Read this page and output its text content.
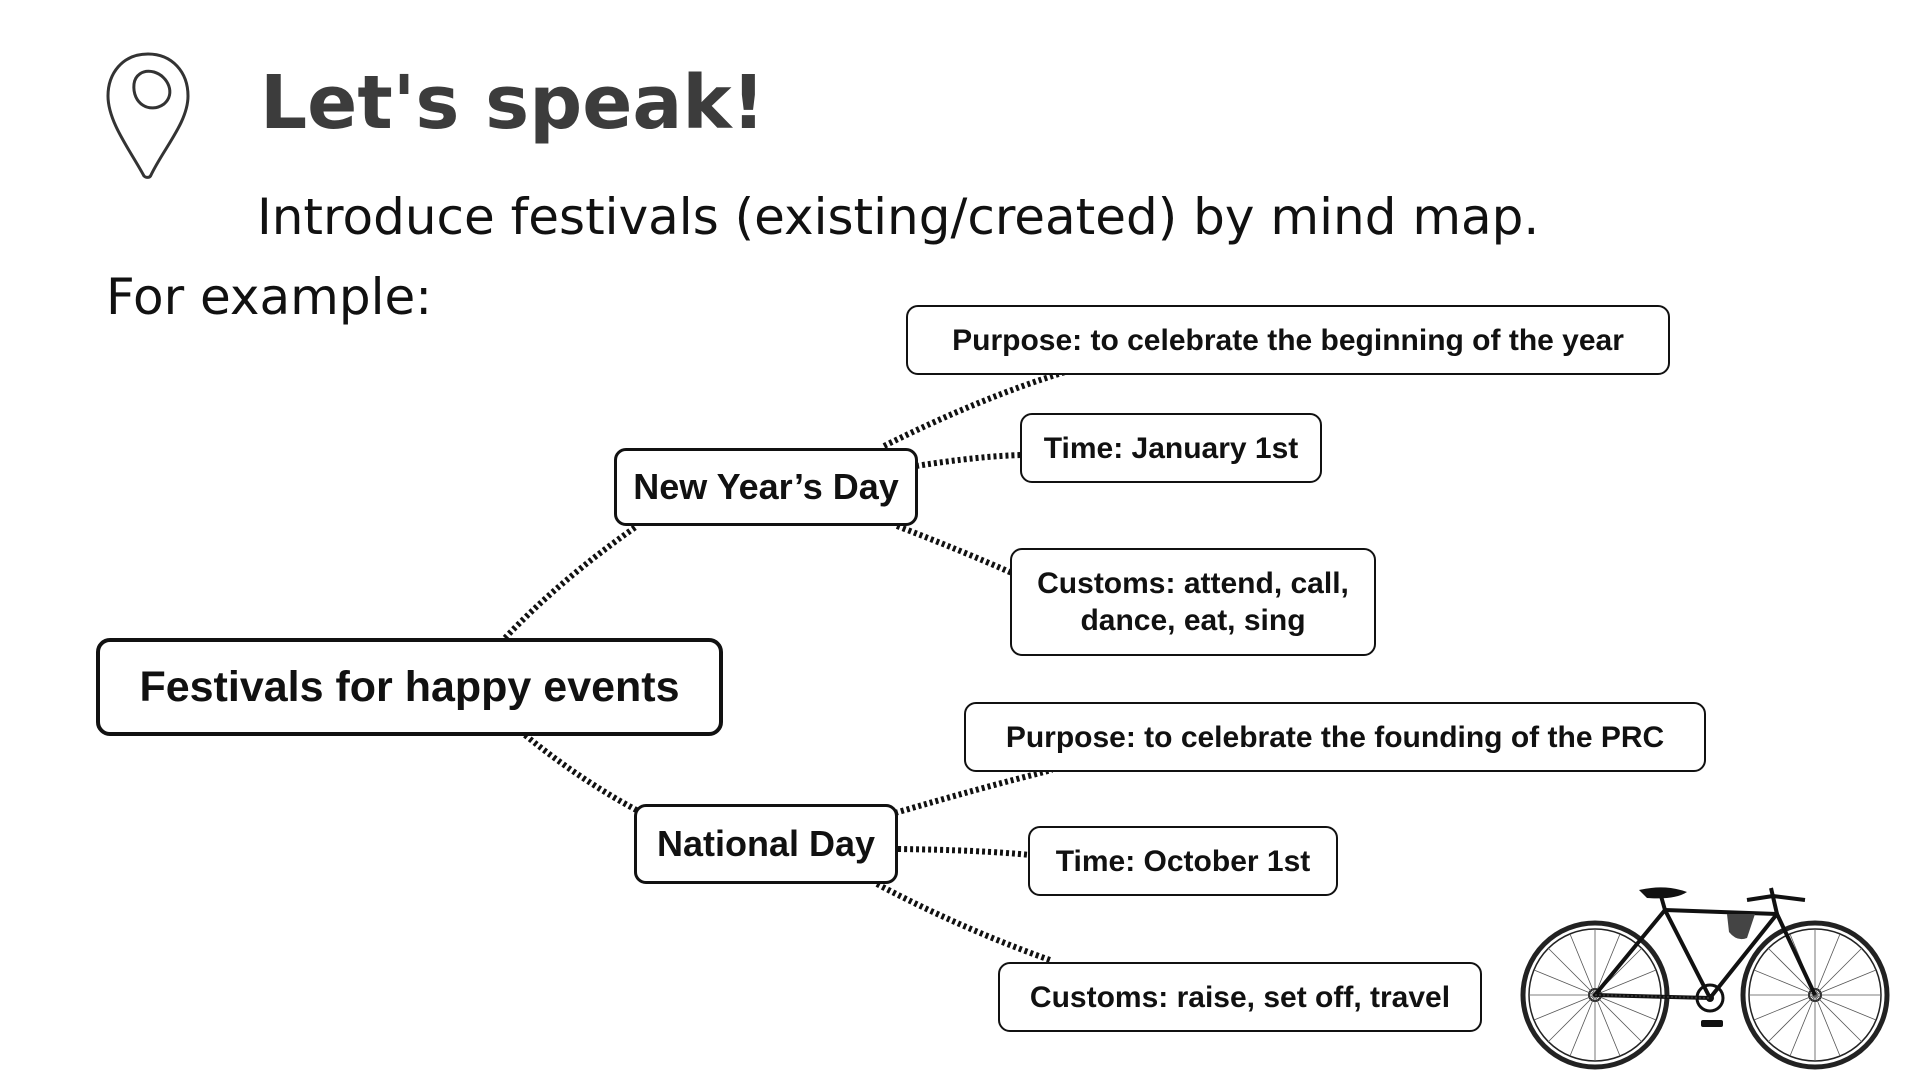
Let's speak!
Introduce festivals (existing/created) by mind map.
For example:
Festivals for happy events
New Year’s Day
Purpose: to celebrate the beginning of the year
Time: January 1st
Customs: attend, call,
dance, eat, sing
National Day
Purpose: to celebrate the founding of the PRC
Time: October 1st
Customs: raise, set off, travel
